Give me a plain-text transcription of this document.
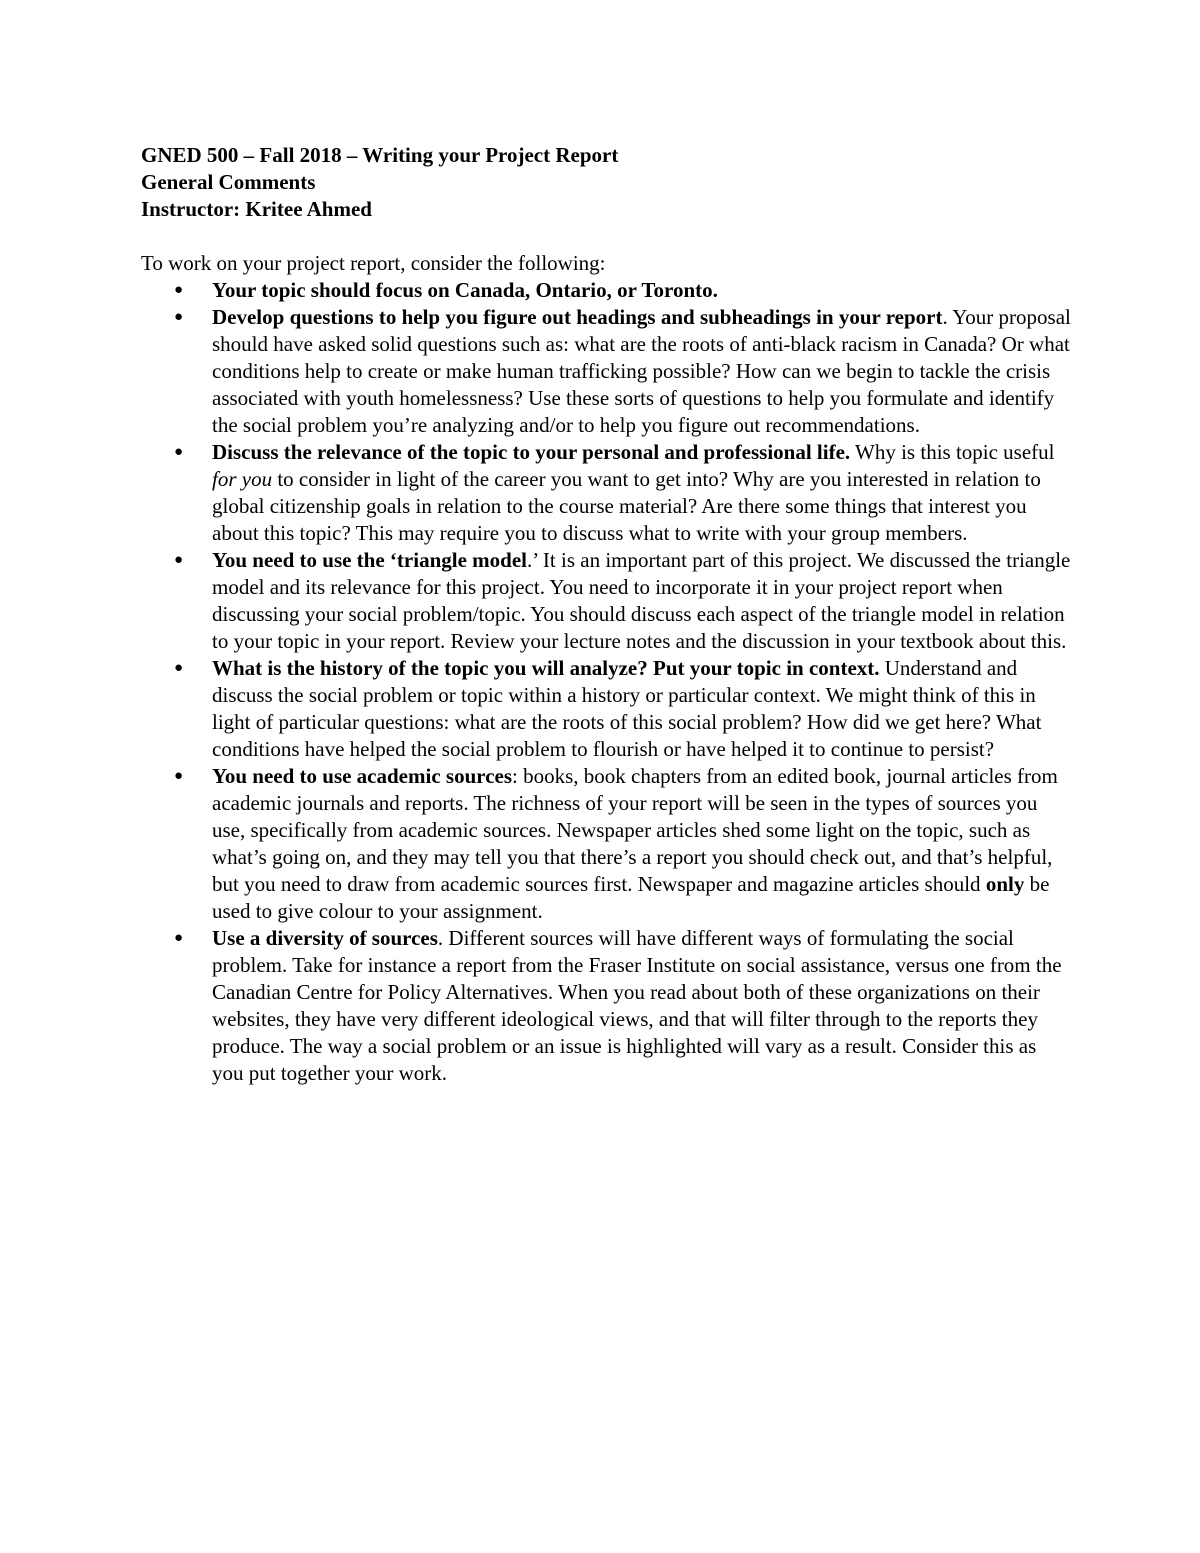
GNED 500 – Fall 2018 – Writing your Project Report

General Comments

Instructor: Kritee Ahmed

To work on your project report, consider the following:
● Your topic should focus on Canada, Ontario, or Toronto.
● Develop questions to help you figure out headings and subheadings in your report. Your proposal should have asked solid questions such as: what are the roots of anti-black racism in Canada? Or what conditions help to create or make human trafficking possible? How can we begin to tackle the crisis associated with youth homelessness? Use these sorts of questions to help you formulate and identify the social problem you’re analyzing and/or to help you figure out recommendations.
● Discuss the relevance of the topic to your personal and professional life. Why is this topic useful for you to consider in light of the career you want to get into? Why are you interested in relation to global citizenship goals in relation to the course material? Are there some things that interest you about this topic? This may require you to discuss what to write with your group members.
● You need to use the ‘triangle model.’ It is an important part of this project. We discussed the triangle model and its relevance for this project. You need to incorporate it in your project report when discussing your social problem/topic. You should discuss each aspect of the triangle model in relation to your topic in your report. Review your lecture notes and the discussion in your textbook about this.
● What is the history of the topic you will analyze? Put your topic in context. Understand and discuss the social problem or topic within a history or particular context. We might think of this in light of particular questions: what are the roots of this social problem? How did we get here? What conditions have helped the social problem to flourish or have helped it to continue to persist?
● You need to use academic sources: books, book chapters from an edited book, journal articles from academic journals and reports. The richness of your report will be seen in the types of sources you use, specifically from academic sources. Newspaper articles shed some light on the topic, such as what’s going on, and they may tell you that there’s a report you should check out, and that’s helpful, but you need to draw from academic sources first. Newspaper and magazine articles should only be used to give colour to your assignment.
● Use a diversity of sources. Different sources will have different ways of formulating the social problem. Take for instance a report from the Fraser Institute on social assistance, versus one from the Canadian Centre for Policy Alternatives. When you read about both of these organizations on their websites, they have very different ideological views, and that will filter through to the reports they produce. The way a social problem or an issue is highlighted will vary as a result. Consider this as you put together your work.
